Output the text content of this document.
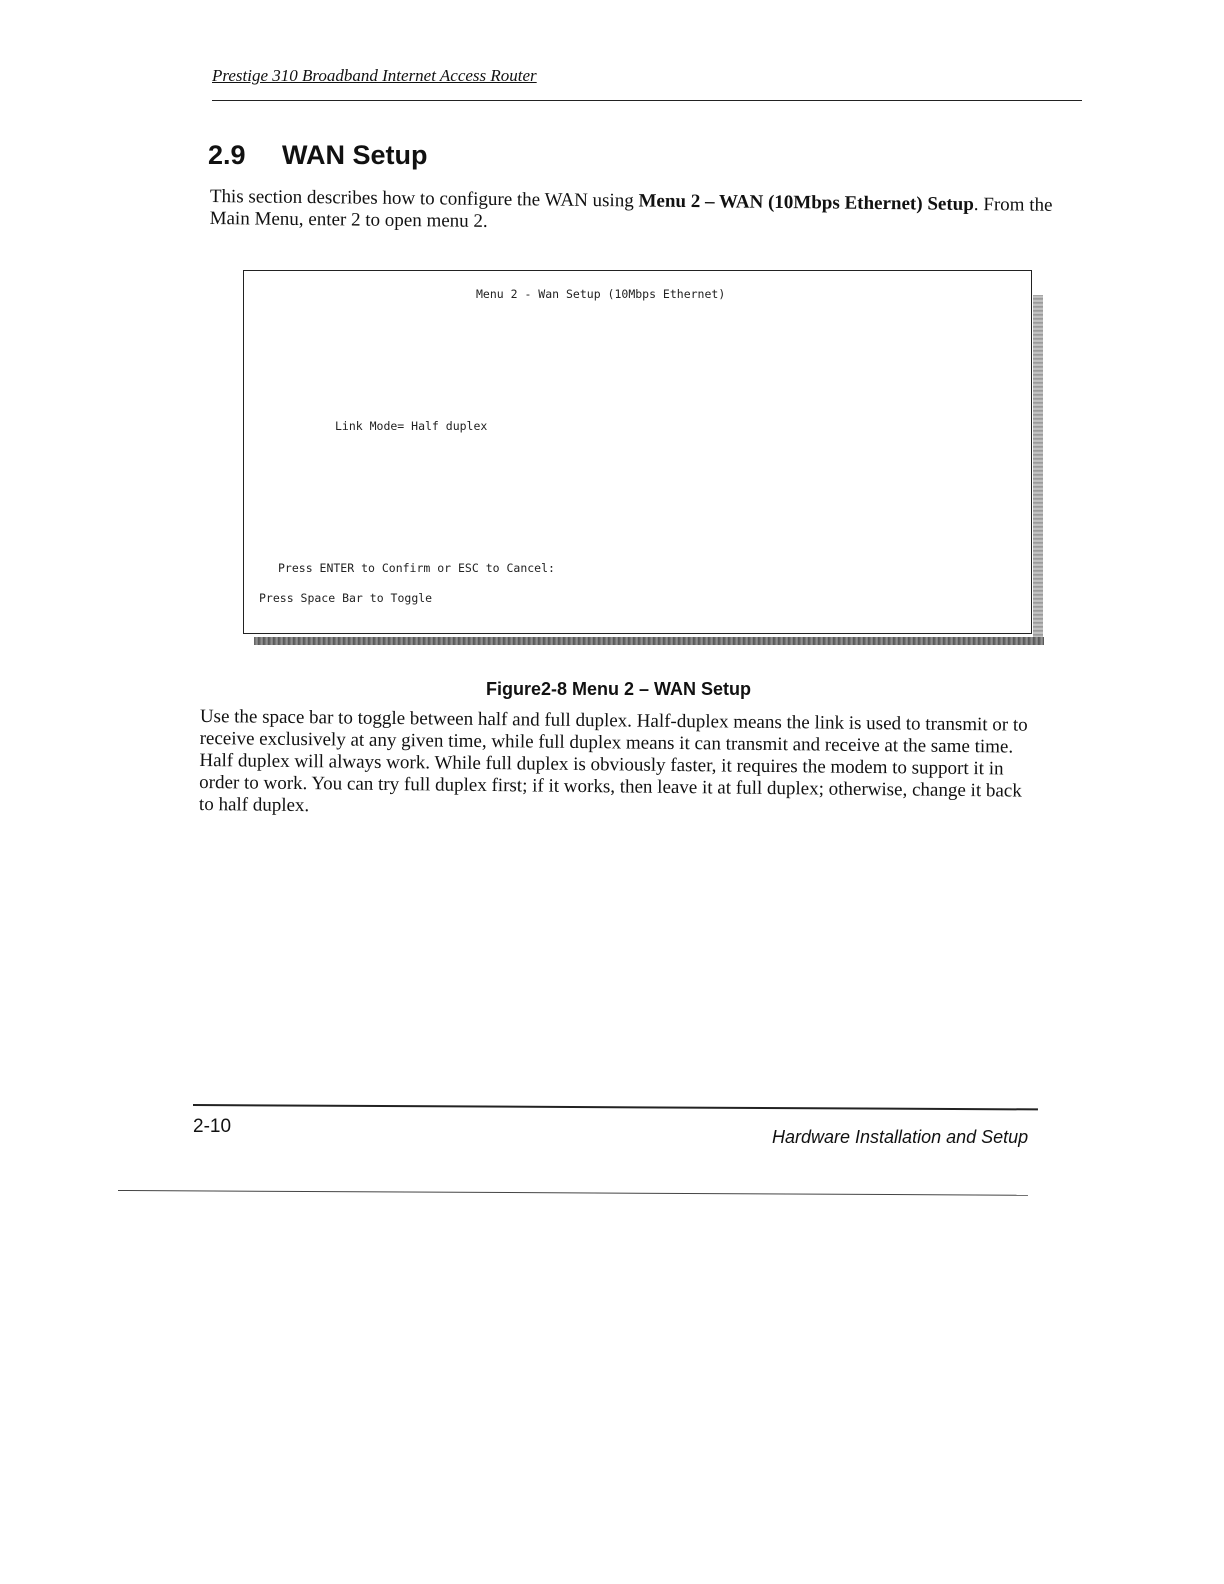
Prestige 310 Broadband Internet Access Router
2.9 WAN Setup
This section describes how to configure the WAN using Menu 2 – WAN (10Mbps Ethernet) Setup. From the Main Menu, enter 2 to open menu 2.
Menu 2 - Wan Setup (10Mbps Ethernet)
Link Mode= Half duplex
Press ENTER to Confirm or ESC to Cancel:
Press Space Bar to Toggle
Figure2-8 Menu 2 – WAN Setup
Use the space bar to toggle between half and full duplex. Half-duplex means the link is used to transmit or to receive exclusively at any given time, while full duplex means it can transmit and receive at the same time. Half duplex will always work. While full duplex is obviously faster, it requires the modem to support it in order to work. You can try full duplex first; if it works, then leave it at full duplex; otherwise, change it back to half duplex.
2-10	Hardware Installation and Setup
